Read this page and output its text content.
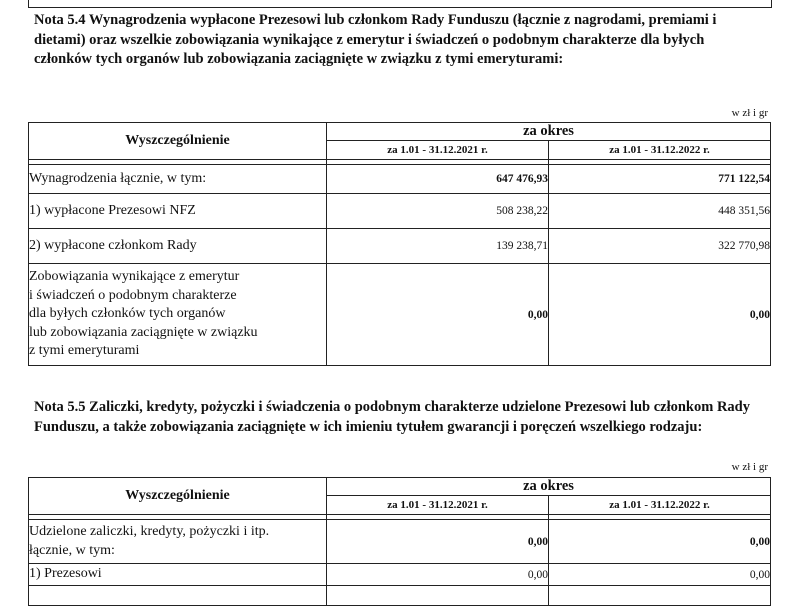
Nota 5.4 Wynagrodzenia wypłacone Prezesowi lub członkom Rady Funduszu (łącznie z nagrodami, premiami i dietami) oraz wszelkie zobowiązania wynikające z emerytur i świadczeń o podobnym charakterze dla byłych członków tych organów lub zobowiązania zaciągnięte w związku z tymi emeryturami:

w zł i gr
Wyszczególnienie	za okres	
	za 1.01 - 31.12.2021 r.	za 1.01 - 31.12.2022 r.

Wynagrodzenia łącznie, w tym:	647 476,93	771 122,54
1) wypłacone Prezesowi NFZ	508 238,22	448 351,56
2) wypłacone członkom Rady	139 238,71	322 770,98

Zobowiązania wynikające z emerytur
i świadczeń o podobnym charakterze
dla byłych członków tych organów
lub zobowiązania zaciągnięte w związku
z tymi emeryturami	0,00	0,00

Nota 5.5 Zaliczki, kredyty, pożyczki i świadczenia o podobnym charakterze udzielone Prezesowi lub członkom Rady Funduszu, a także zobowiązania zaciągnięte w ich imieniu tytułem gwarancji i poręczeń wszelkiego rodzaju:

w zł i gr
Wyszczególnienie	za okres	
	za 1.01 - 31.12.2021 r.	za 1.01 - 31.12.2022 r.

Udzielone zaliczki, kredyty, pożyczki i itp.
łącznie, w tym:	0,00	0,00
1) Prezesowi	0,00	0,00
